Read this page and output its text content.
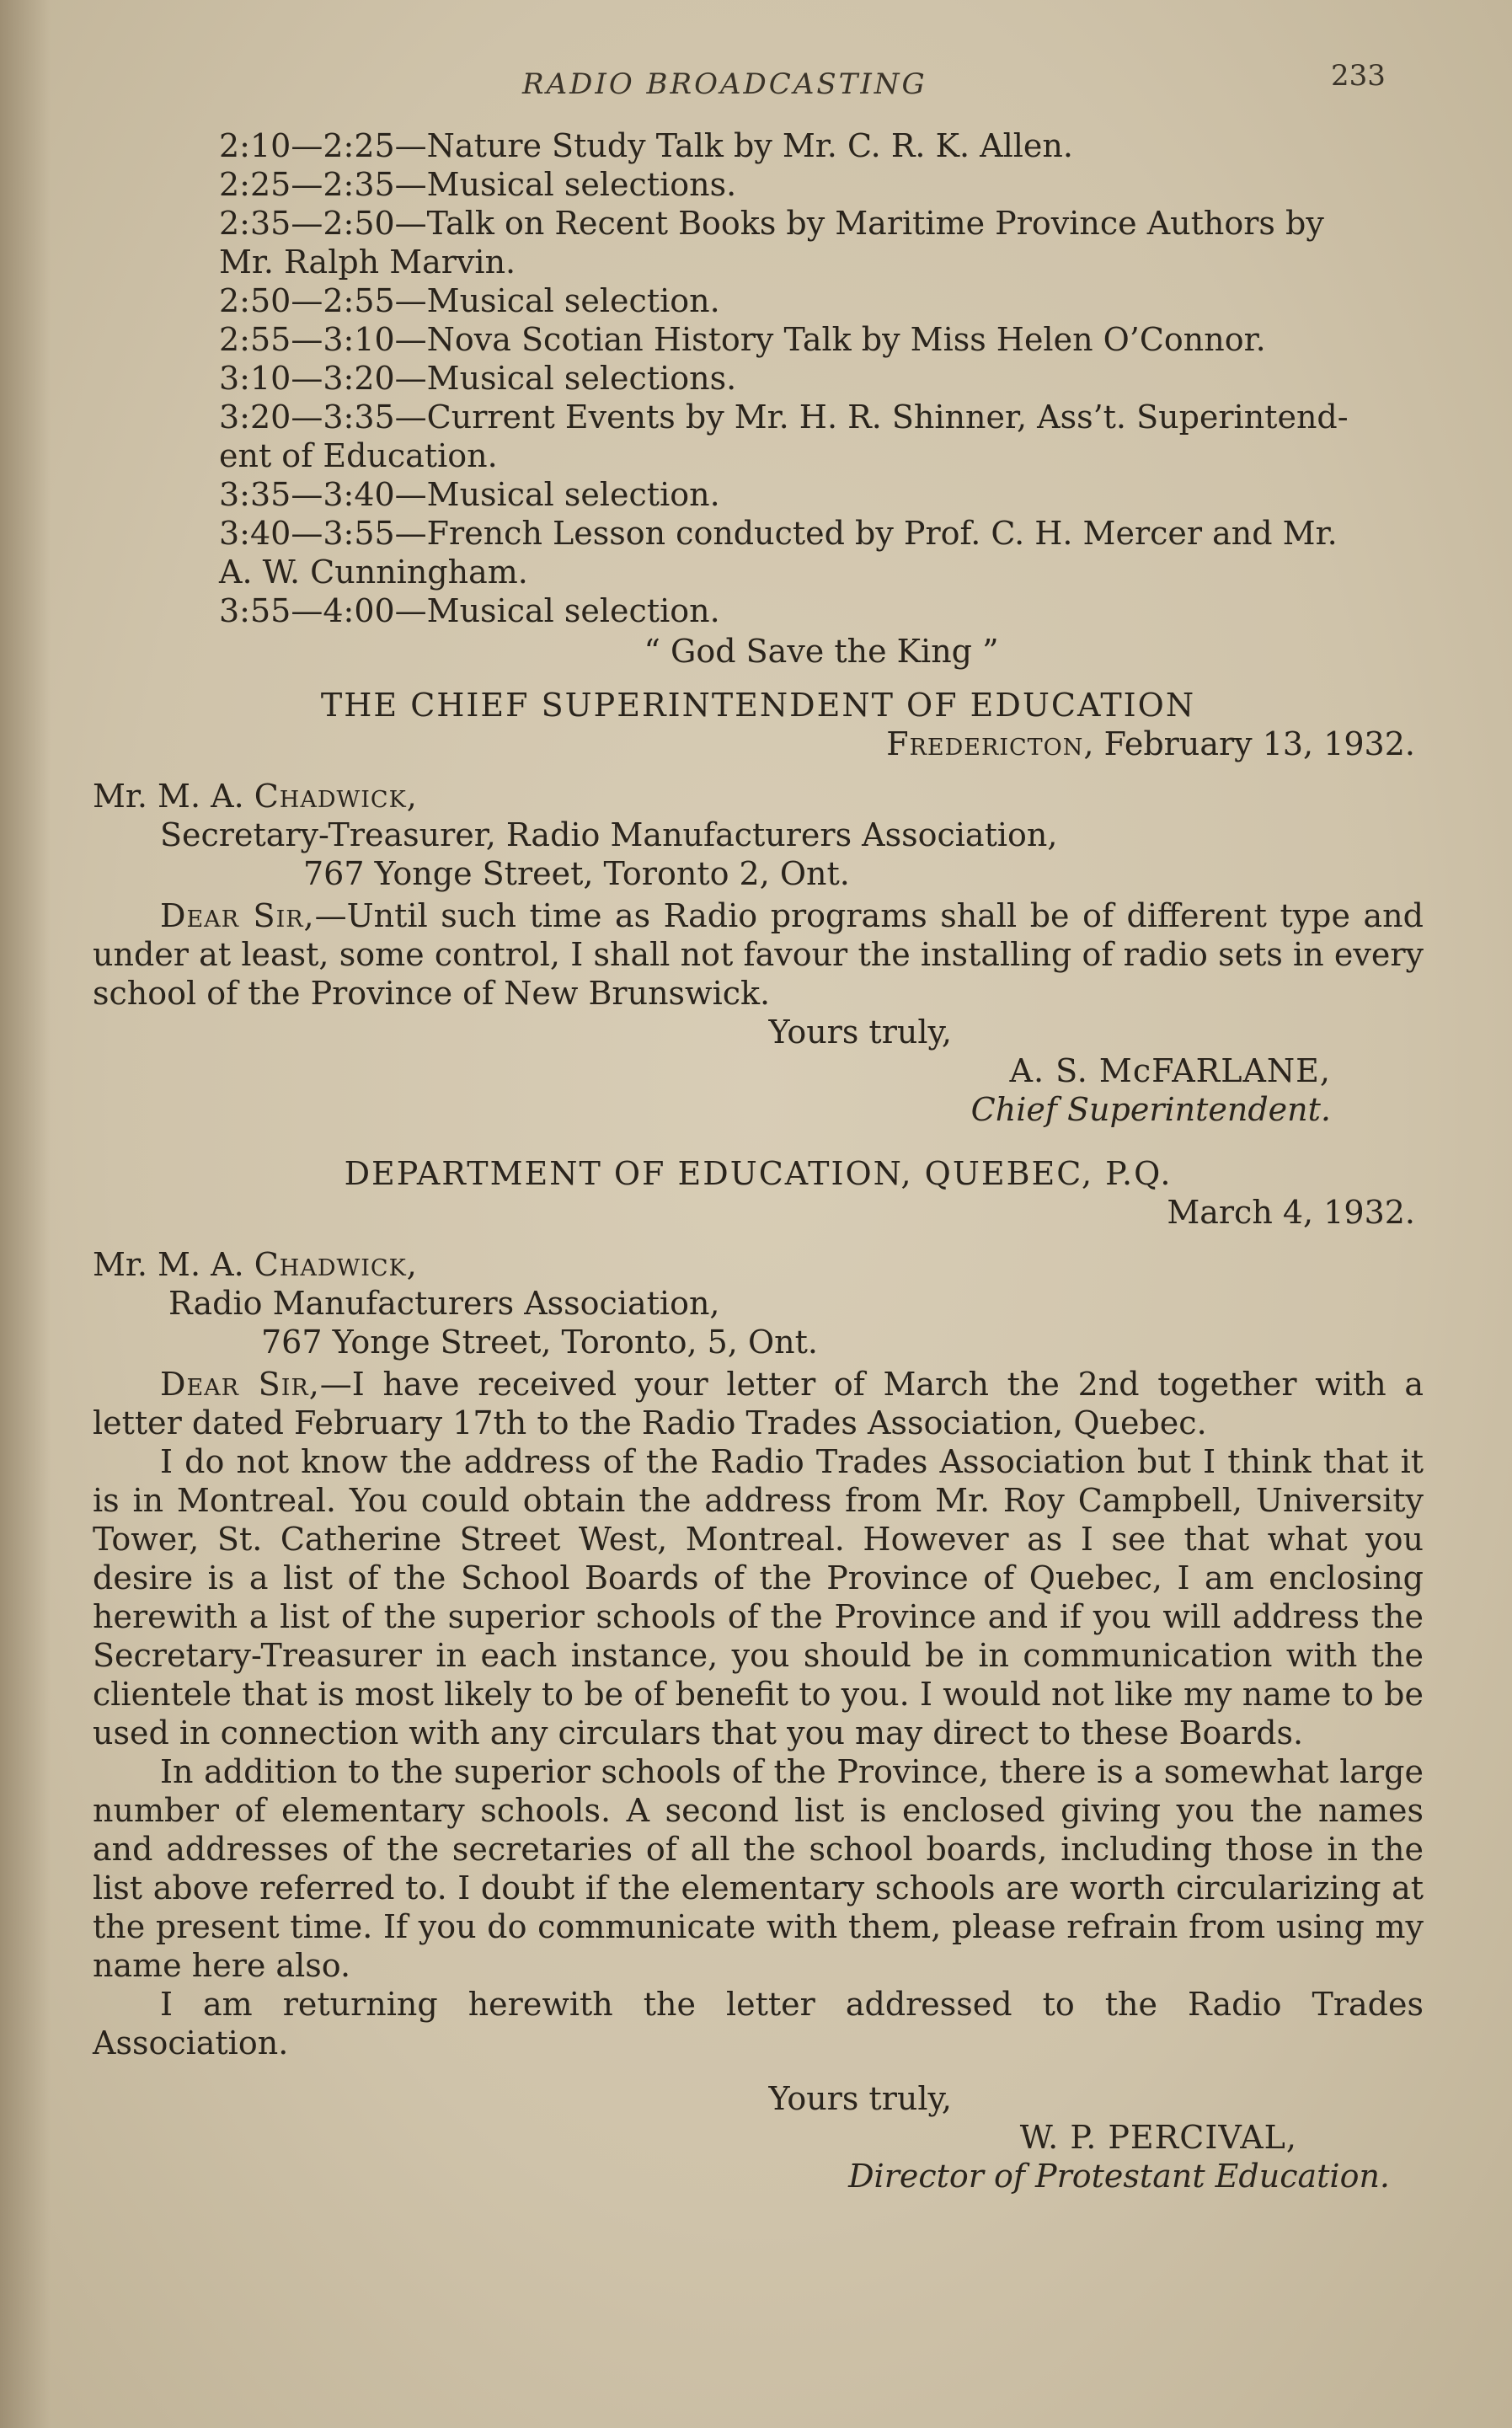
RADIO BROADCASTING	233
2:10—2:25— Nature Study Talk by Mr. C. R. K. Allen.
2:25—2:35— Musical selections.
2:35—2:50— Talk on Recent Books by Maritime Province Authors by
Mr. Ralph Marvin.
2:50—2:55— Musical selection.
2:55—3:10— Nova Scotian History Talk by Miss Helen O’Connor.
3:10—3:20— Musical selections.
3:20—3:35— Current Events by Mr. H. R. Shinner, Ass’t. Superintend-
ent of Education.
3:35—3:40— Musical selection.
3:40—3:55— French Lesson conducted by Prof. C. H. Mercer and Mr.
A. W. Cunningham.
3:55—4:00— Musical selection.
“ God Save the King ”
THE CHIEF SUPERINTENDENT OF EDUCATION
Fredericton, February 13, 1932.
Mr. M. A. Chadwick,
Secretary-Treasurer, Radio Manufacturers Association,
767 Yonge Street, Toronto 2, Ont.

Dear Sir,—Until such time as Radio programs shall be of different type and under at least, some control, I shall not favour the installing of radio sets in every school of the Province of New Brunswick.

Yours truly,
A. S. McFARLANE,
Chief Superintendent.
DEPARTMENT OF EDUCATION, QUEBEC, P.Q.
March 4, 1932.
Mr. M. A. Chadwick,
Radio Manufacturers Association,
767 Yonge Street, Toronto, 5, Ont.

Dear Sir,—I have received your letter of March the 2nd together with a letter dated February 17th to the Radio Trades Association, Quebec.

I do not know the address of the Radio Trades Association but I think that it is in Montreal. You could obtain the address from Mr. Roy Campbell, University Tower, St. Catherine Street West, Montreal. However as I see that what you desire is a list of the School Boards of the Province of Quebec, I am enclosing herewith a list of the superior schools of the Province and if you will address the Secretary-Treasurer in each instance, you should be in communication with the clientele that is most likely to be of benefit to you. I would not like my name to be used in connection with any circulars that you may direct to these Boards.

In addition to the superior schools of the Province, there is a somewhat large number of elementary schools. A second list is enclosed giving you the names and addresses of the secretaries of all the school boards, including those in the list above referred to. I doubt if the elementary schools are worth circularizing at the present time. If you do communicate with them, please refrain from using my name here also.

I am returning herewith the letter addressed to the Radio Trades Association.

Yours truly,
W. P. PERCIVAL,
Director of Protestant Education.
